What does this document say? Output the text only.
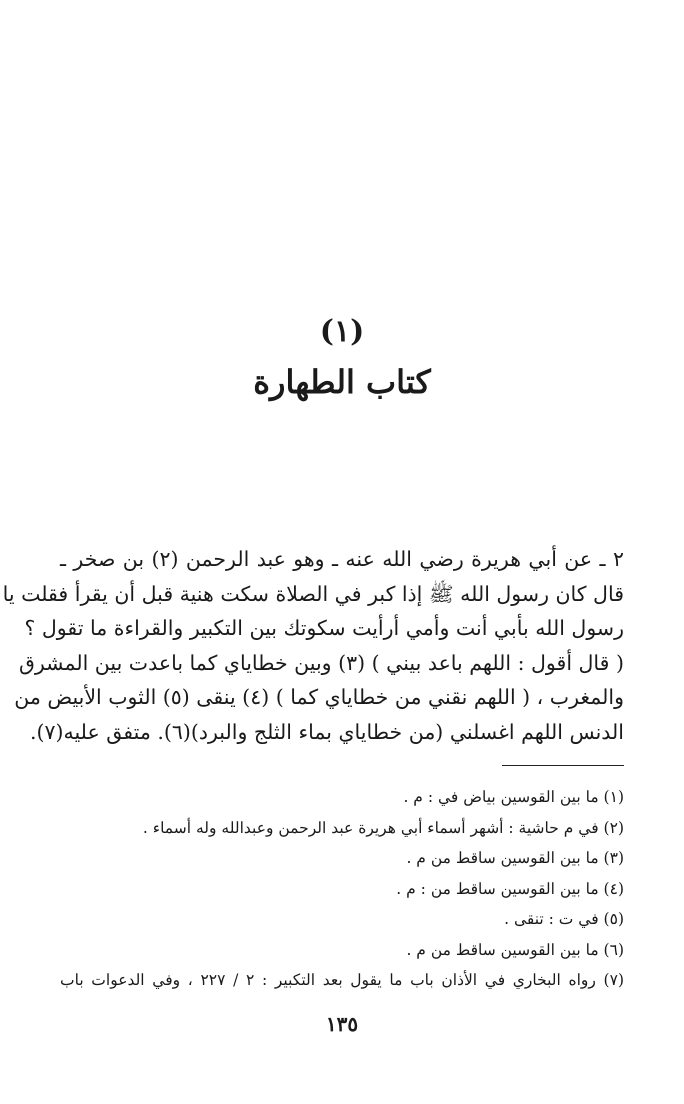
(١)
كتاب الطهارة
٢ ـ عن أبي هريرة رضي الله عنه ـ وهو عبد الرحمن (٢) بن صخر ـ
قال كان رسول الله ﷺ إذا كبر في الصلاة سكت هنية قبل أن يقرأ فقلت يا
رسول الله بأبي أنت وأمي أرأيت سكوتك بين التكبير والقراءة ما تقول ؟
( قال أقول : اللهم باعد بيني ) (٣) وبين خطاياي كما باعدت بين المشرق
والمغرب ، ( اللهم نقني من خطاياي كما ) (٤) ينقى (٥) الثوب الأبيض من
الدنس اللهم اغسلني (من خطاياي بماء الثلج والبرد)(٦). متفق عليه(٧).
(١) ما بين القوسين بياض في : م .
(٢) في م حاشية : أشهر أسماء أبي هريرة عبد الرحمن وعبدالله وله أسماء .
(٣) ما بين القوسين ساقط من م .
(٤) ما بين القوسين ساقط من : م .
(٥) في ت : تنقى .
(٦) ما بين القوسين ساقط من م .
(٧) رواه البخاري في الأذان باب ما يقول بعد التكبير : ٢ / ٢٢٧ ، وفي الدعوات باب
١٣٥
